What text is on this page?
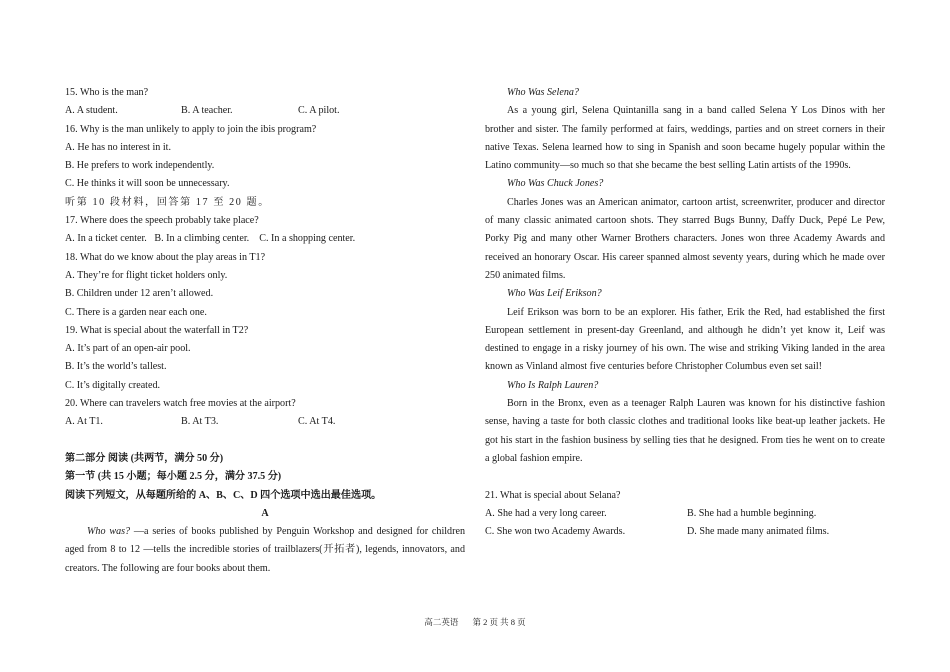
15. Who is the man?
A. A student.	B. A teacher.	C. A pilot.
16. Why is the man unlikely to apply to join the ibis program?
A. He has no interest in it.
B. He prefers to work independently.
C. He thinks it will soon be unnecessary.
听第 10 段材料，回答第 17 至 20 题。
17. Where does the speech probably take place?
A. In a ticket center.   B. In a climbing center.    C. In a shopping center.
18. What do we know about the play areas in T1?
A. They’re for flight ticket holders only.
B. Children under 12 aren’t allowed.
C. There is a garden near each one.
19. What is special about the waterfall in T2?
A. It’s part of an open-air pool.
B. It’s the world’s tallest.
C. It’s digitally created.
20. Where can travelers watch free movies at the airport?
A. At T1.	B. At T3.	C. At T4.
第二部分 阅读 (共两节，满分 50 分)
第一节 (共 15 小题；每小题 2.5 分，满分 37.5 分)
阅读下列短文，从每题所给的 A、B、C、D 四个选项中选出最佳选项。
A
Who was? —a series of books published by Penguin Workshop and designed for children aged from 8 to 12 —tells the incredible stories of trailblazers(开拓者), legends, innovators, and creators. The following are four books about them.
Who Was Selena?
As a young girl, Selena Quintanilla sang in a band called Selena Y Los Dinos with her brother and sister. The family performed at fairs, weddings, parties and on street corners in their native Texas. Selena learned how to sing in Spanish and soon became hugely popular within the Latino community—so much so that she became the best selling Latin artists of the 1990s.
Who Was Chuck Jones?
Charles Jones was an American animator, cartoon artist, screenwriter, producer and director of many classic animated cartoon shots. They starred Bugs Bunny, Daffy Duck, Pepé Le Pew, Porky Pig and many other Warner Brothers characters. Jones won three Academy Awards and received an honorary Oscar. His career spanned almost seventy years, during which he made over 250 animated films.
Who Was Leif Erikson?
Leif Erikson was born to be an explorer. His father, Erik the Red, had established the first European settlement in present-day Greenland, and although he didn’t yet know it, Leif was destined to engage in a risky journey of his own. The wise and striking Viking landed in the area known as Vinland almost five centuries before Christopher Columbus even set sail!
Who Is Ralph Lauren?
Born in the Bronx, even as a teenager Ralph Lauren was known for his distinctive fashion sense, having a taste for both classic clothes and traditional looks like beat-up leather jackets. He got his start in the fashion business by selling ties that he designed. From ties he went on to create a global fashion empire.
21. What is special about Selana?
A. She had a very long career.	B. She had a humble beginning.
C. She won two Academy Awards.	D. She made many animated films.
高二英语 第 2 页 共 8 页
